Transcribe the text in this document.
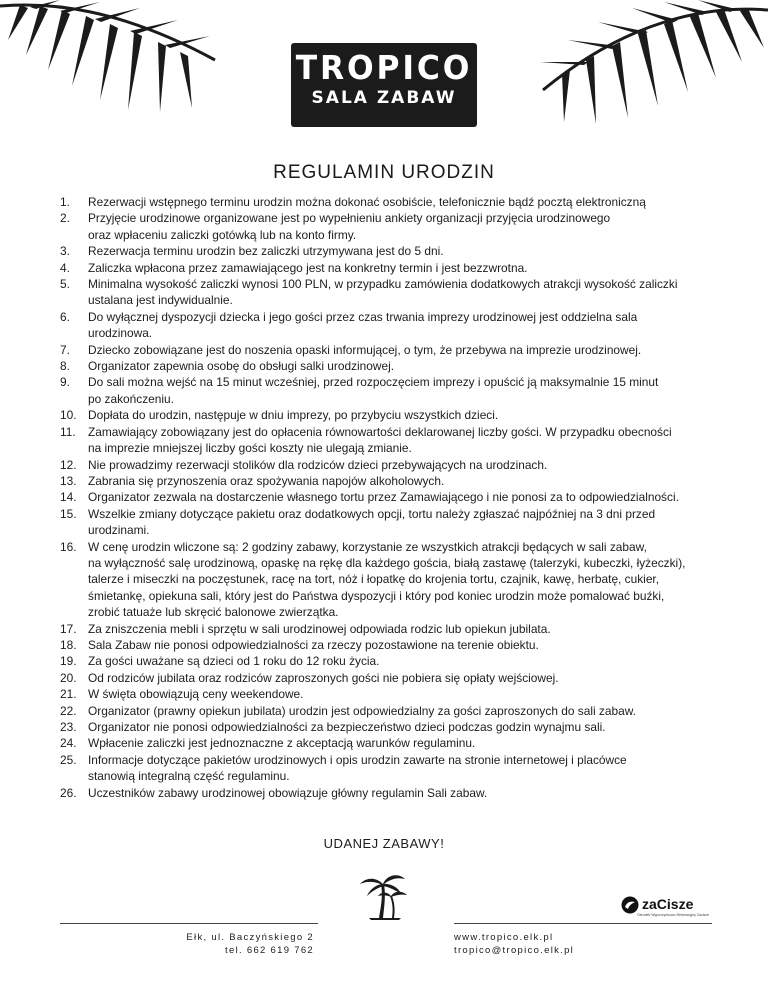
TROPICO
SALA ZABAW
REGULAMIN URODZIN
1.	Rezerwacji wstępnego terminu urodzin można dokonać osobiście, telefonicznie bądź pocztą elektroniczną
2.	Przyjęcie urodzinowe organizowane jest po wypełnieniu ankiety organizacji przyjęcia urodzinowego
oraz wpłaceniu zaliczki gotówką lub na konto firmy.
3.	Rezerwacja terminu urodzin bez zaliczki utrzymywana jest do 5 dni.
4.	Zaliczka wpłacona przez zamawiającego jest na konkretny termin i jest bezzwrotna.
5.	Minimalna wysokość zaliczki wynosi 100 PLN, w przypadku zamówienia dodatkowych atrakcji wysokość zaliczki
ustalana jest indywidualnie.
6.	Do wyłącznej dyspozycji dziecka i jego gości przez czas trwania imprezy urodzinowej jest oddzielna sala
urodzinowa.
7.	Dziecko zobowiązane jest do noszenia opaski informującej, o tym, że przebywa na imprezie urodzinowej.
8.	Organizator zapewnia osobę do obsługi salki urodzinowej.
9.	Do sali można wejść na 15 minut wcześniej, przed rozpoczęciem imprezy i opuścić ją maksymalnie 15 minut
po zakończeniu.
10. Dopłata do urodzin, następuje w dniu imprezy, po przybyciu wszystkich dzieci.
11.	Zamawiający zobowiązany jest do opłacenia równowartości deklarowanej liczby gości. W przypadku obecności
na imprezie mniejszej liczby gości koszty nie ulegają zmianie.
12. Nie prowadzimy rezerwacji stolików dla rodziców dzieci przebywających na urodzinach.
13. Zabrania się przynoszenia oraz spożywania napojów alkoholowych.
14. Organizator zezwala na dostarczenie własnego tortu przez Zamawiającego i nie ponosi za to odpowiedzialności.
15. Wszelkie zmiany dotyczące pakietu oraz dodatkowych opcji, tortu należy zgłaszać najpóźniej na 3 dni przed
urodzinami.
16. W cenę urodzin wliczone są: 2 godziny zabawy, korzystanie ze wszystkich atrakcji będących w sali zabaw,
na wyłączność salę urodzinową, opaskę na rękę dla każdego gościa, białą zastawę (talerzyki, kubeczki, łyżeczki),
talerze i miseczki na poczęstunek, racę na tort, nóż i łopatkę do krojenia tortu, czajnik, kawę, herbatę, cukier,
śmietankę, opiekuna sali, który jest do Państwa dyspozycji i który pod koniec urodzin może pomalować buźki,
zrobić tatuaże lub skręcić balonowe zwierzątka.
17. Za zniszczenia mebli i sprzętu w sali urodzinowej odpowiada rodzic lub opiekun jubilata.
18. Sala Zabaw nie ponosi odpowiedzialności za rzeczy pozostawione na terenie obiektu.
19. Za gości uważane są dzieci od 1 roku do 12 roku życia.
20. Od rodziców jubilata oraz rodziców zaproszonych gości nie pobiera się opłaty wejściowej.
21. W święta obowiązują ceny weekendowe.
22. Organizator (prawny opiekun jubilata) urodzin jest odpowiedzialny za gości zaproszonych do sali zabaw.
23. Organizator nie ponosi odpowiedzialności za bezpieczeństwo dzieci podczas godzin wynajmu sali.
24. Wpłacenie zaliczki jest jednoznaczne z akceptacją warunków regulaminu.
25. Informacje dotyczące pakietów urodzinowych i opis urodzin zawarte na stronie internetowej i placówce
stanowią integralną część regulaminu.
26. Uczestników zabawy urodzinowej obowiązuje główny regulamin Sali zabaw.
UDANEJ ZABAWY!
Ełk, ul. Baczyńskiego 2
tel. 662 619 762
www.tropico.elk.pl
tropico@tropico.elk.pl
zaCisze
Ośrodek Wypoczynkowo-Rekreacyjny Zacisze
